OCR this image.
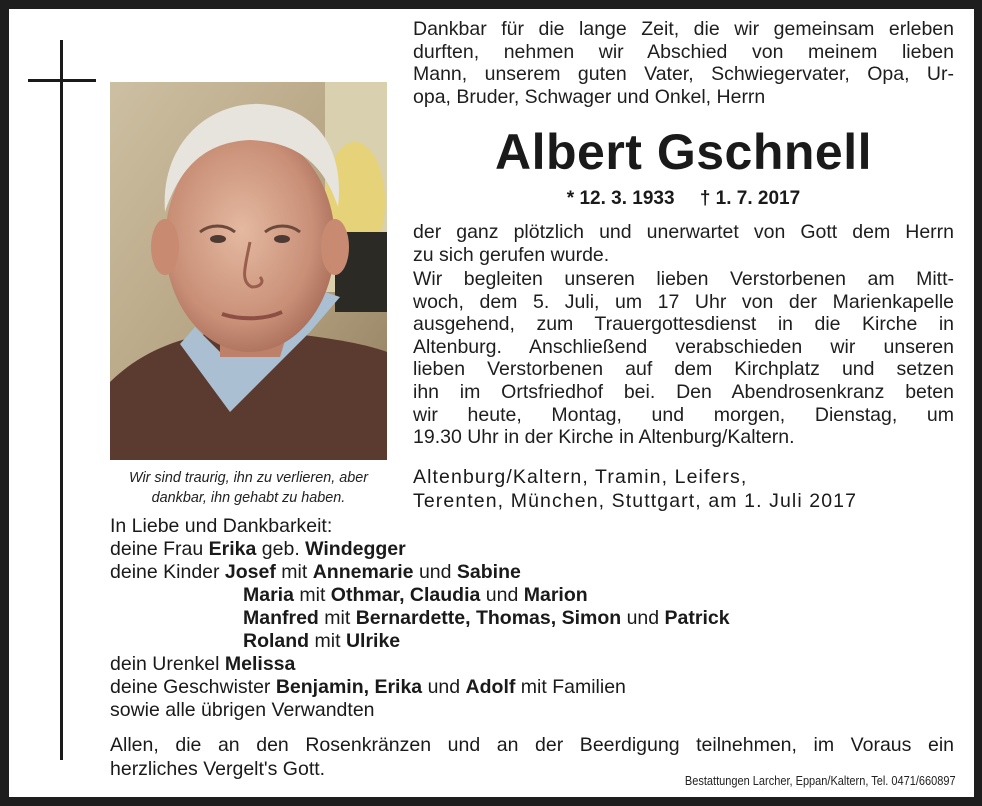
Wir sind traurig, ihn zu verlieren, aber
dankbar, ihn gehabt zu haben.
Dankbar für die lange Zeit, die wir gemeinsam erleben
durften, nehmen wir Abschied von meinem lieben
Mann, unserem guten Vater, Schwiegervater, Opa, Ur-
opa, Bruder, Schwager und Onkel, Herrn
Albert Gschnell
* 12. 3. 1933 † 1. 7. 2017
der ganz plötzlich und unerwartet von Gott dem Herrn
zu sich gerufen wurde.
Wir begleiten unseren lieben Verstorbenen am Mitt-
woch, dem 5. Juli, um 17 Uhr von der Marienkapelle
ausgehend, zum Trauergottesdienst in die Kirche in
Altenburg. Anschließend verabschieden wir unseren
lieben Verstorbenen auf dem Kirchplatz und setzen
ihn im Ortsfriedhof bei. Den Abendrosenkranz beten
wir heute, Montag, und morgen, Dienstag, um
19.30 Uhr in der Kirche in Altenburg/Kaltern.
Altenburg/Kaltern, Tramin, Leifers,
Terenten, München, Stuttgart, am 1. Juli 2017
In Liebe und Dankbarkeit:
deine Frau Erika geb. Windegger
deine Kinder Josef mit Annemarie und Sabine
Maria mit Othmar, Claudia und Marion
Manfred mit Bernardette, Thomas, Simon und Patrick
Roland mit Ulrike
dein Urenkel Melissa
deine Geschwister Benjamin, Erika und Adolf mit Familien
sowie alle übrigen Verwandten
Allen, die an den Rosenkränzen und an der Beerdigung teilnehmen, im Voraus ein
herzliches Vergelt's Gott.
Bestattungen Larcher, Eppan/Kaltern, Tel. 0471/660897
